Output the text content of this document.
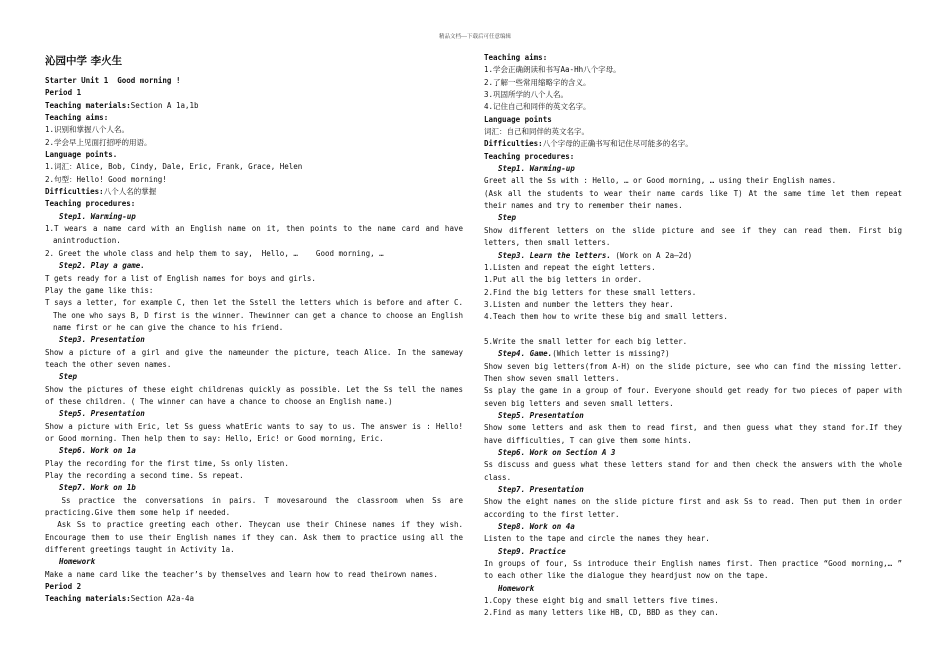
精品文档---下载后可任意编辑
沁园中学 李火生
Starter Unit 1  Good morning !
Period 1
Teaching materials:Section A 1a,1b
Teaching aims:
1.识别和掌握八个人名。
2.学会早上见面打招呼的用语。
Language points.
1.词汇：Alice, Bob, Cindy, Dale, Eric, Frank, Grace, Helen
2.句型：Hello! Good morning!
Difficulties:八个人名的掌握
Teaching procedures:
Step1. Warming-up
1.T wears a name card with an English name on it, then points to the name card and have anintroduction.
2. Greet the whole class and help them to say,  Hello, …    Good morning, …
Step2. Play a game.
T gets ready for a list of English names for boys and girls.
Play the game like this:
T says a letter, for example C, then let the Sstell the letters which is before and after C. The one who says B, D first is the winner. Thewinner can get a chance to choose an English name first or he can give the chance to his friend.
Step3. Presentation
Show a picture of a girl and give the nameunder the picture, teach Alice. In the sameway teach the other seven names.
Step
Show the pictures of these eight childrenas quickly as possible. Let the Ss tell the names of these children. ( The winner can have a chance to choose an English name.)
Step5. Presentation
Show a picture with Eric, let Ss guess whatEric wants to say to us. The answer is : Hello! or Good morning. Then help them to say: Hello, Eric! or Good morning, Eric.
Step6. Work on 1a
Play the recording for the first time, Ss only listen.
Play the recording a second time. Ss repeat.
Step7. Work on 1b
Ss practice the conversations in pairs. T movesaround the classroom when Ss are practicing.Give them some help if needed.
Ask Ss to practice greeting each other. Theycan use their Chinese names if they wish. Encourage them to use their English names if they can. Ask them to practice using all the different greetings taught in Activity 1a.
Homework
Make a name card like the teacher’s by themselves and learn how to read theirown names.
Period 2
Teaching materials:Section A2a-4a
Teaching aims:
1.学会正确朗读和书写Aa-Hh八个字母。
2.了解一些常用缩略字的含义。
3.巩固所学的八个人名。
4.记住自己和同伴的英文名字。
Language points
词汇：自己和同伴的英文名字。
Difficulties:八个字母的正确书写和记住尽可能多的名字。
Teaching procedures:
Step1. Warming-up
Greet all the Ss with : Hello, … or Good morning, … using their English names.
(Ask all the students to wear their name cards like T) At the same time let them repeat their names and try to remember their names.
Step
Show different letters on the slide picture and see if they can read them. First big letters, then small letters.
Step3. Learn the letters. (Work on A 2a—2d)
1.Listen and repeat the eight letters.
1.Put all the big letters in order.
2.Find the big letters for these small letters.
3.Listen and number the letters they hear.
4.Teach them how to write these big and small letters.
5.Write the small letter for each big letter.
Step4. Game.(Which letter is missing?)
Show seven big letters(from A-H) on the slide picture, see who can find the missing letter. Then show seven small letters.
Ss play the game in a group of four. Everyone should get ready for two pieces of paper with seven big letters and seven small letters.
Step5. Presentation
Show some letters and ask them to read first, and then guess what they stand for.If they have difficulties, T can give them some hints.
Step6. Work on Section A 3
Ss discuss and guess what these letters stand for and then check the answers with the whole class.
Step7. Presentation
Show the eight names on the slide picture first and ask Ss to read. Then put them in order according to the first letter.
Step8. Work on 4a
Listen to the tape and circle the names they hear.
Step9. Practice
In groups of four, Ss introduce their English names first. Then practice “Good morning,… ” to each other like the dialogue they heardjust now on the tape.
Homework
1.Copy these eight big and small letters five times.
2.Find as many letters like HB, CD, BBD as they can.
